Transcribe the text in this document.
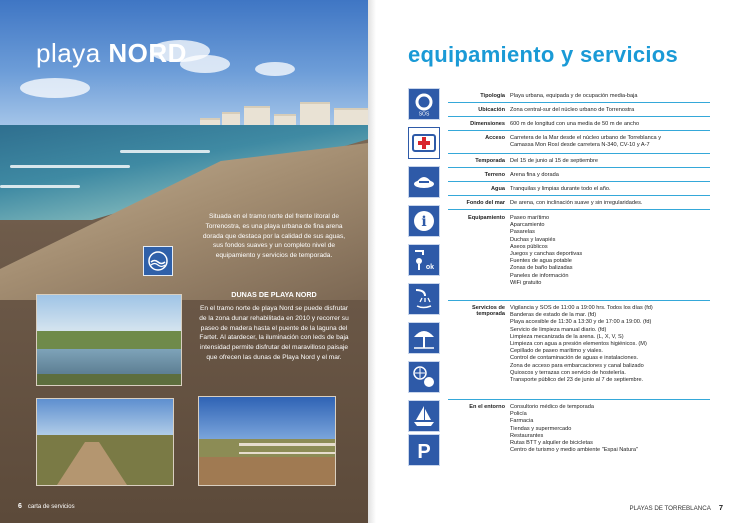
playa NORD
Situada en el tramo norte del frente litoral de Torrenostra, es una playa urbana de fina arena dorada que destaca por la calidad de sus aguas, sus fondos suaves y un completo nivel de equipamiento y servicios de temporada.
DUNAS DE PLAYA NORD
En el tramo norte de playa Nord se puede disfrutar de la zona dunar rehabilitada en 2010 y recorrer su paseo de madera hasta el puente de la laguna del Fartet. Al atardecer, la iluminación con leds de baja intensidad permite disfrutar del maravilloso paisaje que ofrecen las dunas de Playa Nord y el mar.
6 carta de servicios
equipamiento y servicios
SOS
i
ok
P
Tipología Playa urbana, equipada y de ocupación media-baja
Ubicación Zona central-sur del núcleo urbano de Torrenostra
Dimensiones 600 m de longitud con una media de 50 m de ancho
Acceso Carretera de la Mar desde el núcleo urbano de Torreblanca y
Camassa Mon Rosí desde carretera N-340, CV-10 y A-7
Temporada Del 15 de junio al 15 de septiembre
Terreno Arena fina y dorada
Agua Tranquilas y limpias durante todo el año.
Fondo del mar De arena, con inclinación suave y sin irregularidades.
Equipamiento Paseo marítimo
Aparcamiento
Pasarelas
Duchas y lavapiés
Aseos públicos
Juegos y canchas deportivas
Fuentes de agua potable
Zonas de baño balizadas
Paneles de información
WiFi gratuito
Servicios de temporada
Vigilancia y SOS de 11:00 a 19:00 hrs. Todos los días (fd)
Banderas de estado de la mar. (fd)
Playa accesible de 11:30 a 13:30 y de 17:00 a 19:00. (fd)
Servicio de limpieza manual diario. (fd)
Limpieza mecanizada de la arena. (L, X, V, S)
Limpieza con agua a presión elementos higiénicos. (M)
Cepillado de paseo marítimo y viales.
Control de contaminación de aguas e instalaciones.
Zona de acceso para embarcaciones y canal balizado
Quioscos y terrazas con servicio de hostelería.
Transporte público del 23 de junio al 7 de septiembre.
En el entorno Consultorio médico de temporada
Policía
Farmacia
Tiendas y supermercado
Restaurantes
Rutas BTT y alquiler de bicicletas
Centro de turismo y medio ambiente "Espai Natura"
PLAYAS DE TORREBLANCA 7
